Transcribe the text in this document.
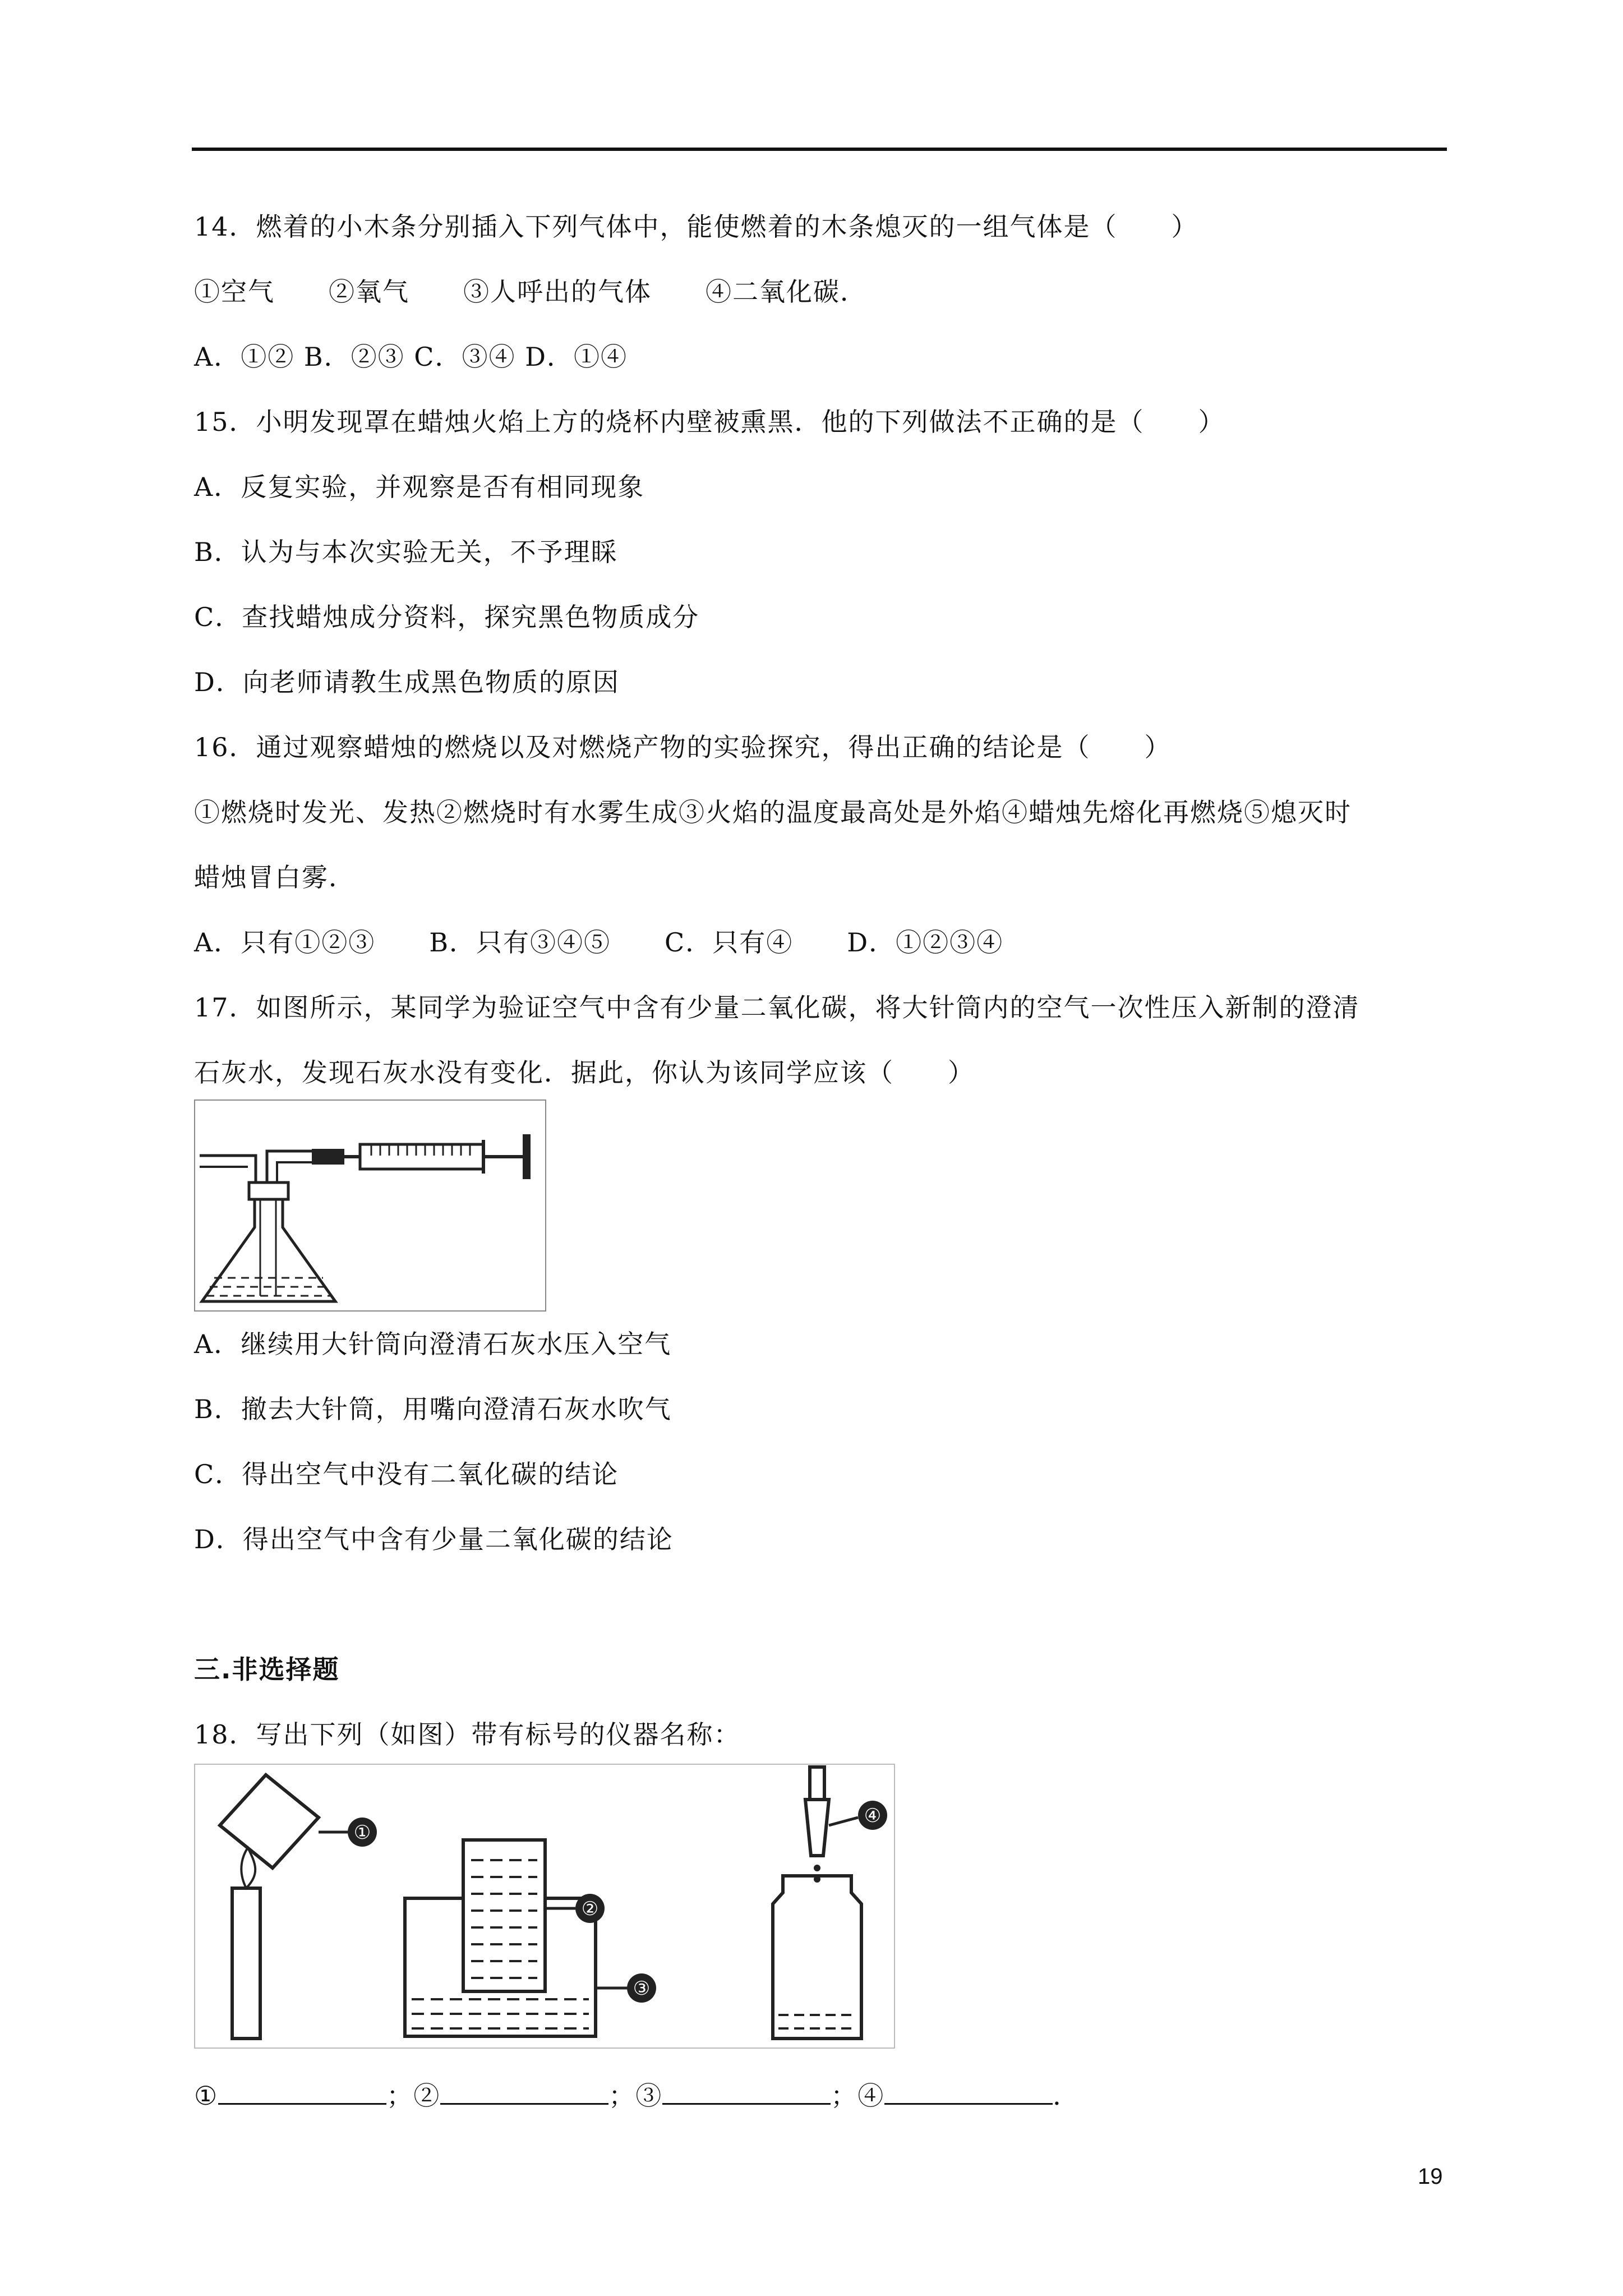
14．燃着的小木条分别插入下列气体中，能使燃着的木条熄灭的一组气体是（　　）
①空气　　②氧气　　③人呼出的气体　　④二氧化碳．
A．①② B．②③ C．③④ D．①④
15．小明发现罩在蜡烛火焰上方的烧杯内壁被熏黑．他的下列做法不正确的是（　　）
A．反复实验，并观察是否有相同现象
B．认为与本次实验无关，不予理睬
C．查找蜡烛成分资料，探究黑色物质成分
D．向老师请教生成黑色物质的原因
16．通过观察蜡烛的燃烧以及对燃烧产物的实验探究，得出正确的结论是（　　）
①燃烧时发光、发热②燃烧时有水雾生成③火焰的温度最高处是外焰④蜡烛先熔化再燃烧⑤熄灭时
蜡烛冒白雾．
A．只有①②③　　B．只有③④⑤　　C．只有④　　D．①②③④
17．如图所示，某同学为验证空气中含有少量二氧化碳，将大针筒内的空气一次性压入新制的澄清
石灰水，发现石灰水没有变化．据此，你认为该同学应该（　　）
A．继续用大针筒向澄清石灰水压入空气
B．撤去大针筒，用嘴向澄清石灰水吹气
C．得出空气中没有二氧化碳的结论
D．得出空气中含有少量二氧化碳的结论
三.非选择题
18．写出下列（如图）带有标号的仪器名称：
①
②
③
④
①	；②	；③	；④	．
19
